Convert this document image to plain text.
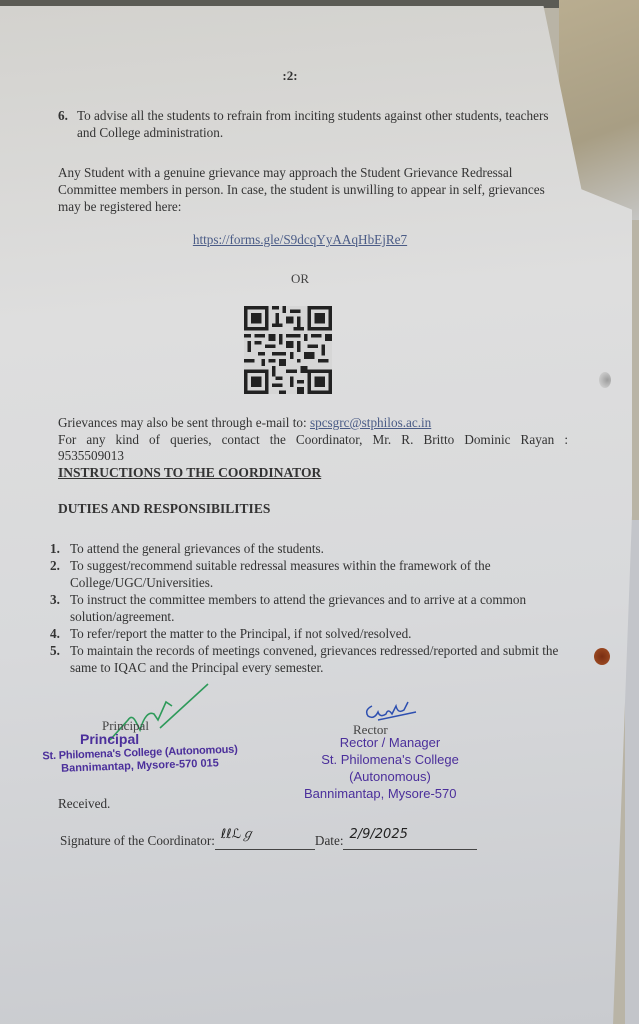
:2:
6. To advise all the students to refrain from inciting students against other students, teachers and College administration.
Any Student with a genuine grievance may approach the Student Grievance Redressal Committee members in person. In case, the student is unwilling to appear in self, grievances may be registered here:
https://forms.gle/S9dcqYyAAqHbEjRe7
OR
Grievances may also be sent through e-mail to: spcsgrc@stphilos.ac.in
For any kind of queries, contact the Coordinator, Mr. R. Britto Dominic Rayan :
9535509013
INSTRUCTIONS TO THE COORDINATOR
DUTIES AND RESPONSIBILITIES
1. To attend the general grievances of the students.
2. To suggest/recommend suitable redressal measures within the framework of the College/UGC/Universities.
3. To instruct the committee members to attend the grievances and to arrive at a common solution/agreement.
4. To refer/report the matter to the Principal, if not solved/resolved.
5. To maintain the records of meetings convened, grievances redressed/reported and submit the same to IQAC and the Principal every semester.
Principal
Principal
St. Philomena's College (Autonomous)
Bannimantap, Mysore-570 015
Rector
Rector / Manager
St. Philomena's College
(Autonomous)
Bannimantap, Mysore-570
Received.
Signature of the Coordinator: ℓℓℒℊ	Date: 2/9/2025
